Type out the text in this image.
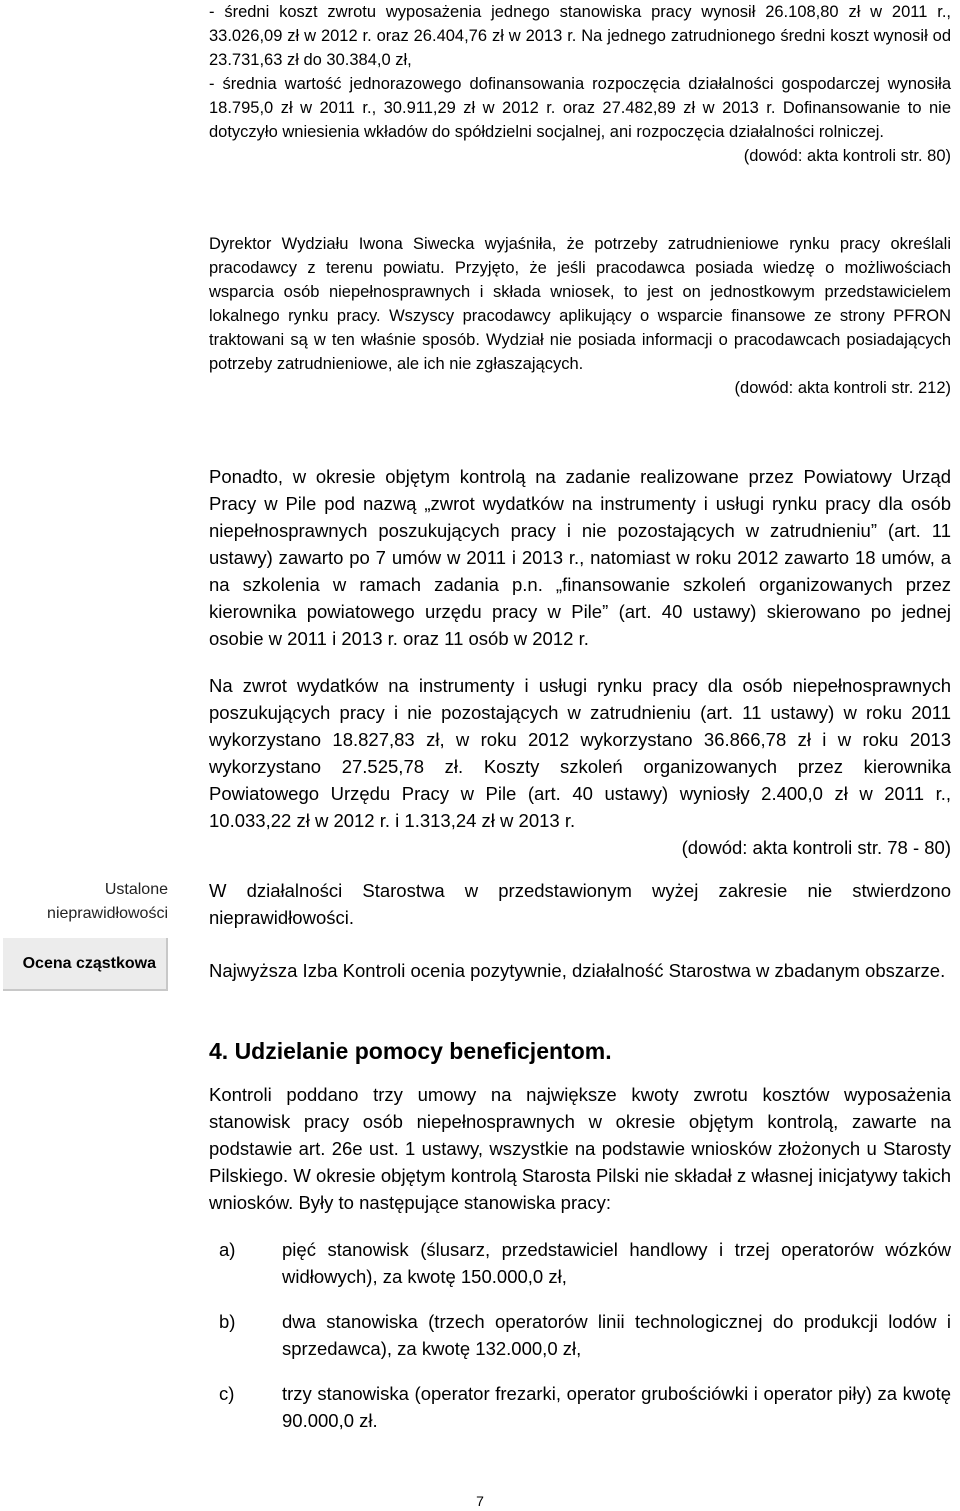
- średni koszt zwrotu wyposażenia jednego stanowiska pracy wynosił 26.108,80 zł w 2011 r., 33.026,09 zł w 2012 r. oraz 26.404,76 zł w 2013 r. Na jednego zatrudnionego średni koszt wynosił od 23.731,63 zł do 30.384,0 zł,

- średnia wartość jednorazowego dofinansowania rozpoczęcia działalności gospodarczej wynosiła 18.795,0 zł w 2011 r., 30.911,29 zł w 2012 r. oraz 27.482,89 zł w 2013 r. Dofinansowanie to nie dotyczyło wniesienia wkładów do spółdzielni socjalnej, ani rozpoczęcia działalności rolniczej.

(dowód: akta kontroli str. 80)

Dyrektor Wydziału Iwona Siwecka wyjaśniła, że potrzeby zatrudnieniowe rynku pracy określali pracodawcy z terenu powiatu. Przyjęto, że jeśli pracodawca posiada wiedzę o możliwościach wsparcia osób niepełnosprawnych i składa wniosek, to jest on jednostkowym przedstawicielem lokalnego rynku pracy. Wszyscy pracodawcy aplikujący o wsparcie finansowe ze strony PFRON traktowani są w ten właśnie sposób. Wydział nie posiada informacji o pracodawcach posiadających potrzeby zatrudnieniowe, ale ich nie zgłaszających.

(dowód: akta kontroli str. 212)

Ponadto, w okresie objętym kontrolą na zadanie realizowane przez Powiatowy Urząd Pracy w Pile pod nazwą „zwrot wydatków na instrumenty i usługi rynku pracy dla osób niepełnosprawnych poszukujących pracy i nie pozostających w zatrudnieniu” (art. 11 ustawy) zawarto po 7 umów w 2011 i 2013 r., natomiast w roku 2012 zawarto 18 umów, a na szkolenia w ramach zadania p.n. „finansowanie szkoleń organizowanych przez kierownika powiatowego urzędu pracy w Pile” (art. 40 ustawy) skierowano po jednej osobie w 2011 i 2013 r. oraz 11 osób w 2012 r.

Na zwrot wydatków na instrumenty i usługi rynku pracy dla osób niepełnosprawnych poszukujących pracy i nie pozostających w zatrudnieniu (art. 11 ustawy) w roku 2011 wykorzystano 18.827,83 zł, w roku 2012 wykorzystano 36.866,78 zł i w roku 2013 wykorzystano 27.525,78 zł. Koszty szkoleń organizowanych przez kierownika Powiatowego Urzędu Pracy w Pile (art. 40 ustawy) wyniosły 2.400,0 zł w 2011 r., 10.033,22 zł w 2012 r. i 1.313,24 zł w 2013 r.

(dowód: akta kontroli str. 78 - 80)
Ustalone
nieprawidłowości
Ocena cząstkowa

W działalności Starostwa w przedstawionym wyżej zakresie nie stwierdzono nieprawidłowości.

Najwyższa Izba Kontroli ocenia pozytywnie, działalność Starostwa w zbadanym obszarze.

4. Udzielanie pomocy beneficjentom.

Kontroli poddano trzy umowy na największe kwoty zwrotu kosztów wyposażenia stanowisk pracy osób niepełnosprawnych w okresie objętym kontrolą, zawarte na podstawie art. 26e ust. 1 ustawy, wszystkie na podstawie wniosków złożonych u Starosty Pilskiego. W okresie objętym kontrolą Starosta Pilski nie składał z własnej inicjatywy takich wniosków. Były to następujące stanowiska pracy:

a)	pięć stanowisk (ślusarz, przedstawiciel handlowy i trzej operatorów wózków widłowych), za kwotę 150.000,0 zł,
b)	dwa stanowiska (trzech operatorów linii technologicznej do produkcji lodów i sprzedawca), za kwotę 132.000,0 zł,
c)	trzy stanowiska (operator frezarki, operator grubościówki i operator piły) za kwotę 90.000,0 zł.
7
